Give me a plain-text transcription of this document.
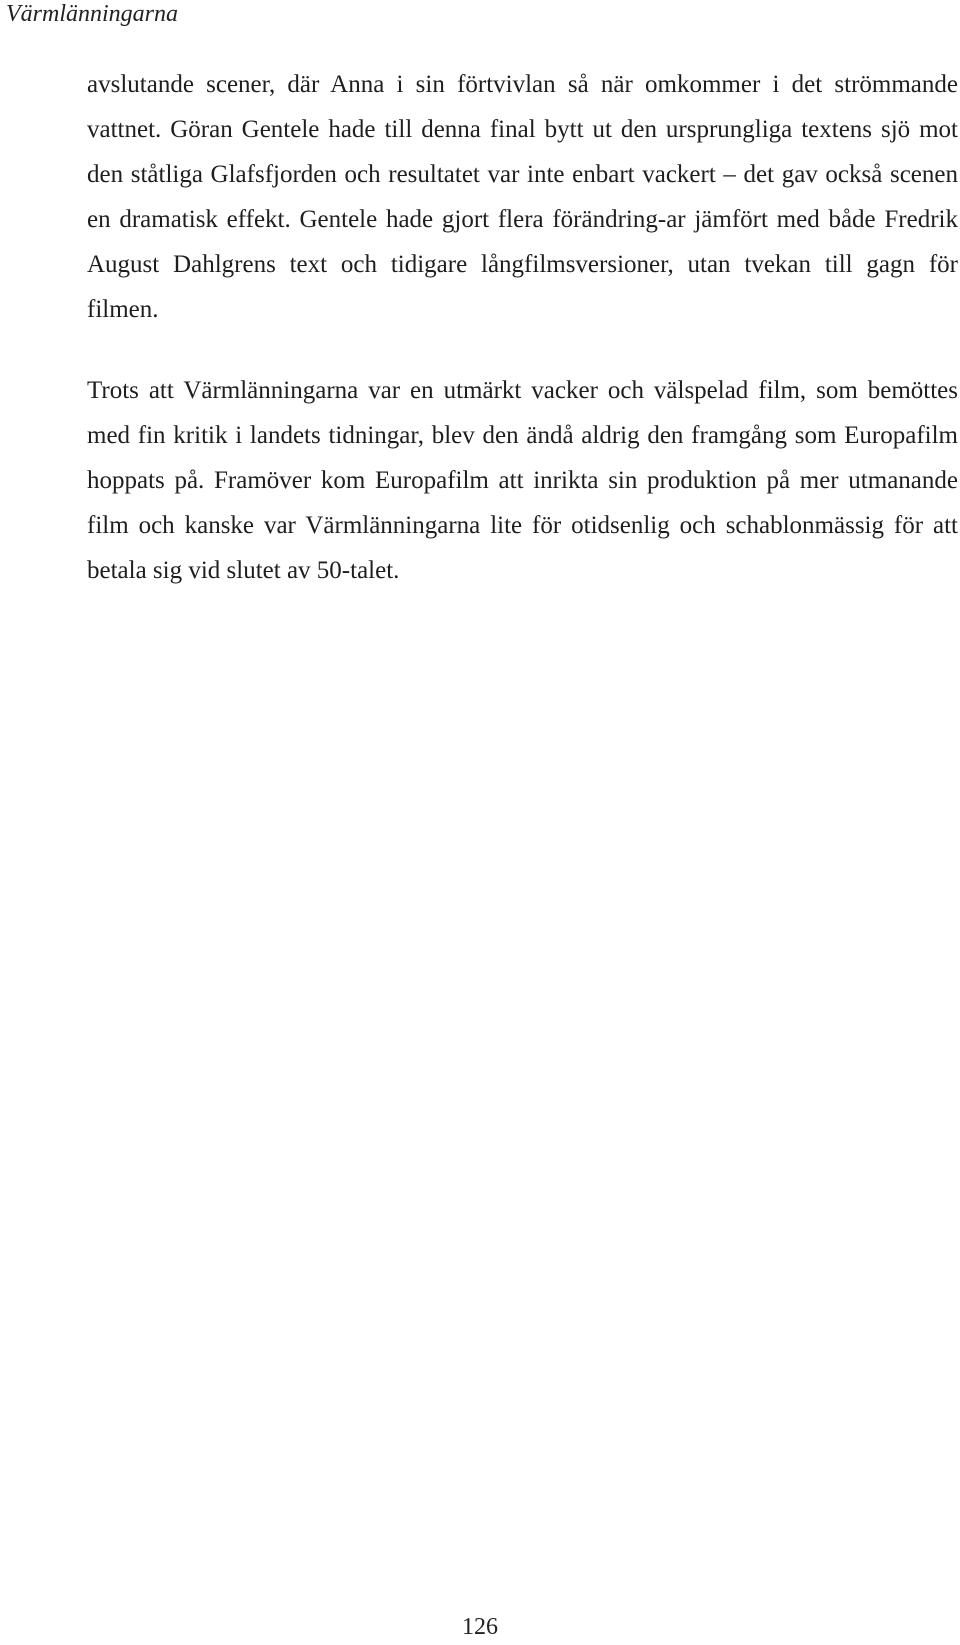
Värmlänningarna

avslutande scener, där Anna i sin förtvivlan så när omkommer i det strömmande vattnet. Göran Gentele hade till denna final bytt ut den ursprungliga textens sjö mot den ståtliga Glafsfjorden och resultatet var inte enbart vackert – det gav också scenen en dramatisk effekt. Gentele hade gjort flera förändring-ar jämfört med både Fredrik August Dahlgrens text och tidigare långfilmsversioner, utan tvekan till gagn för filmen.

Trots att Värmlänningarna var en utmärkt vacker och välspelad film, som bemöttes med fin kritik i landets tidningar, blev den ändå aldrig den framgång som Europafilm hoppats på. Framöver kom Europafilm att inrikta sin produktion på mer utmanande film och kanske var Värmlänningarna lite för otidsenlig och schablonmässig för att betala sig vid slutet av 50-talet.

126
